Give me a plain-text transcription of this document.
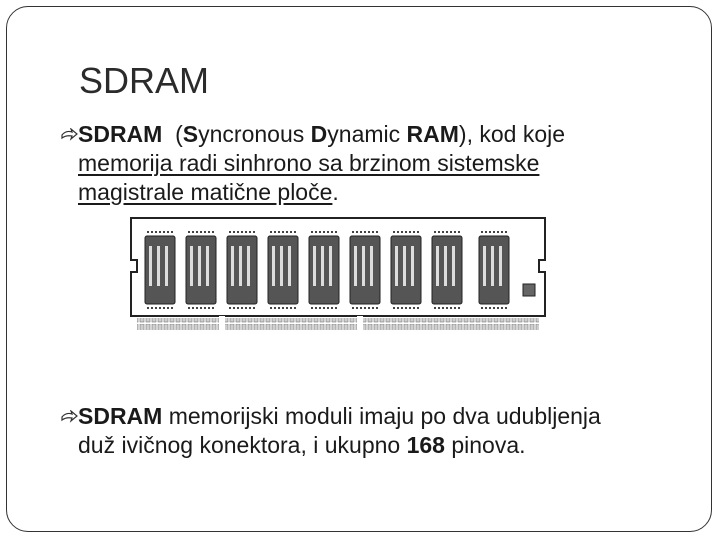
SDRAM
SDRAM  (Syncronous Dynamic RAM), kod koje
memorija radi sinhrono sa brzinom sistemske
magistrale matične ploče.
SDRAM memorijski moduli imaju po dva udubljenja
duž ivičnog konektora, i ukupno 168 pinova.
